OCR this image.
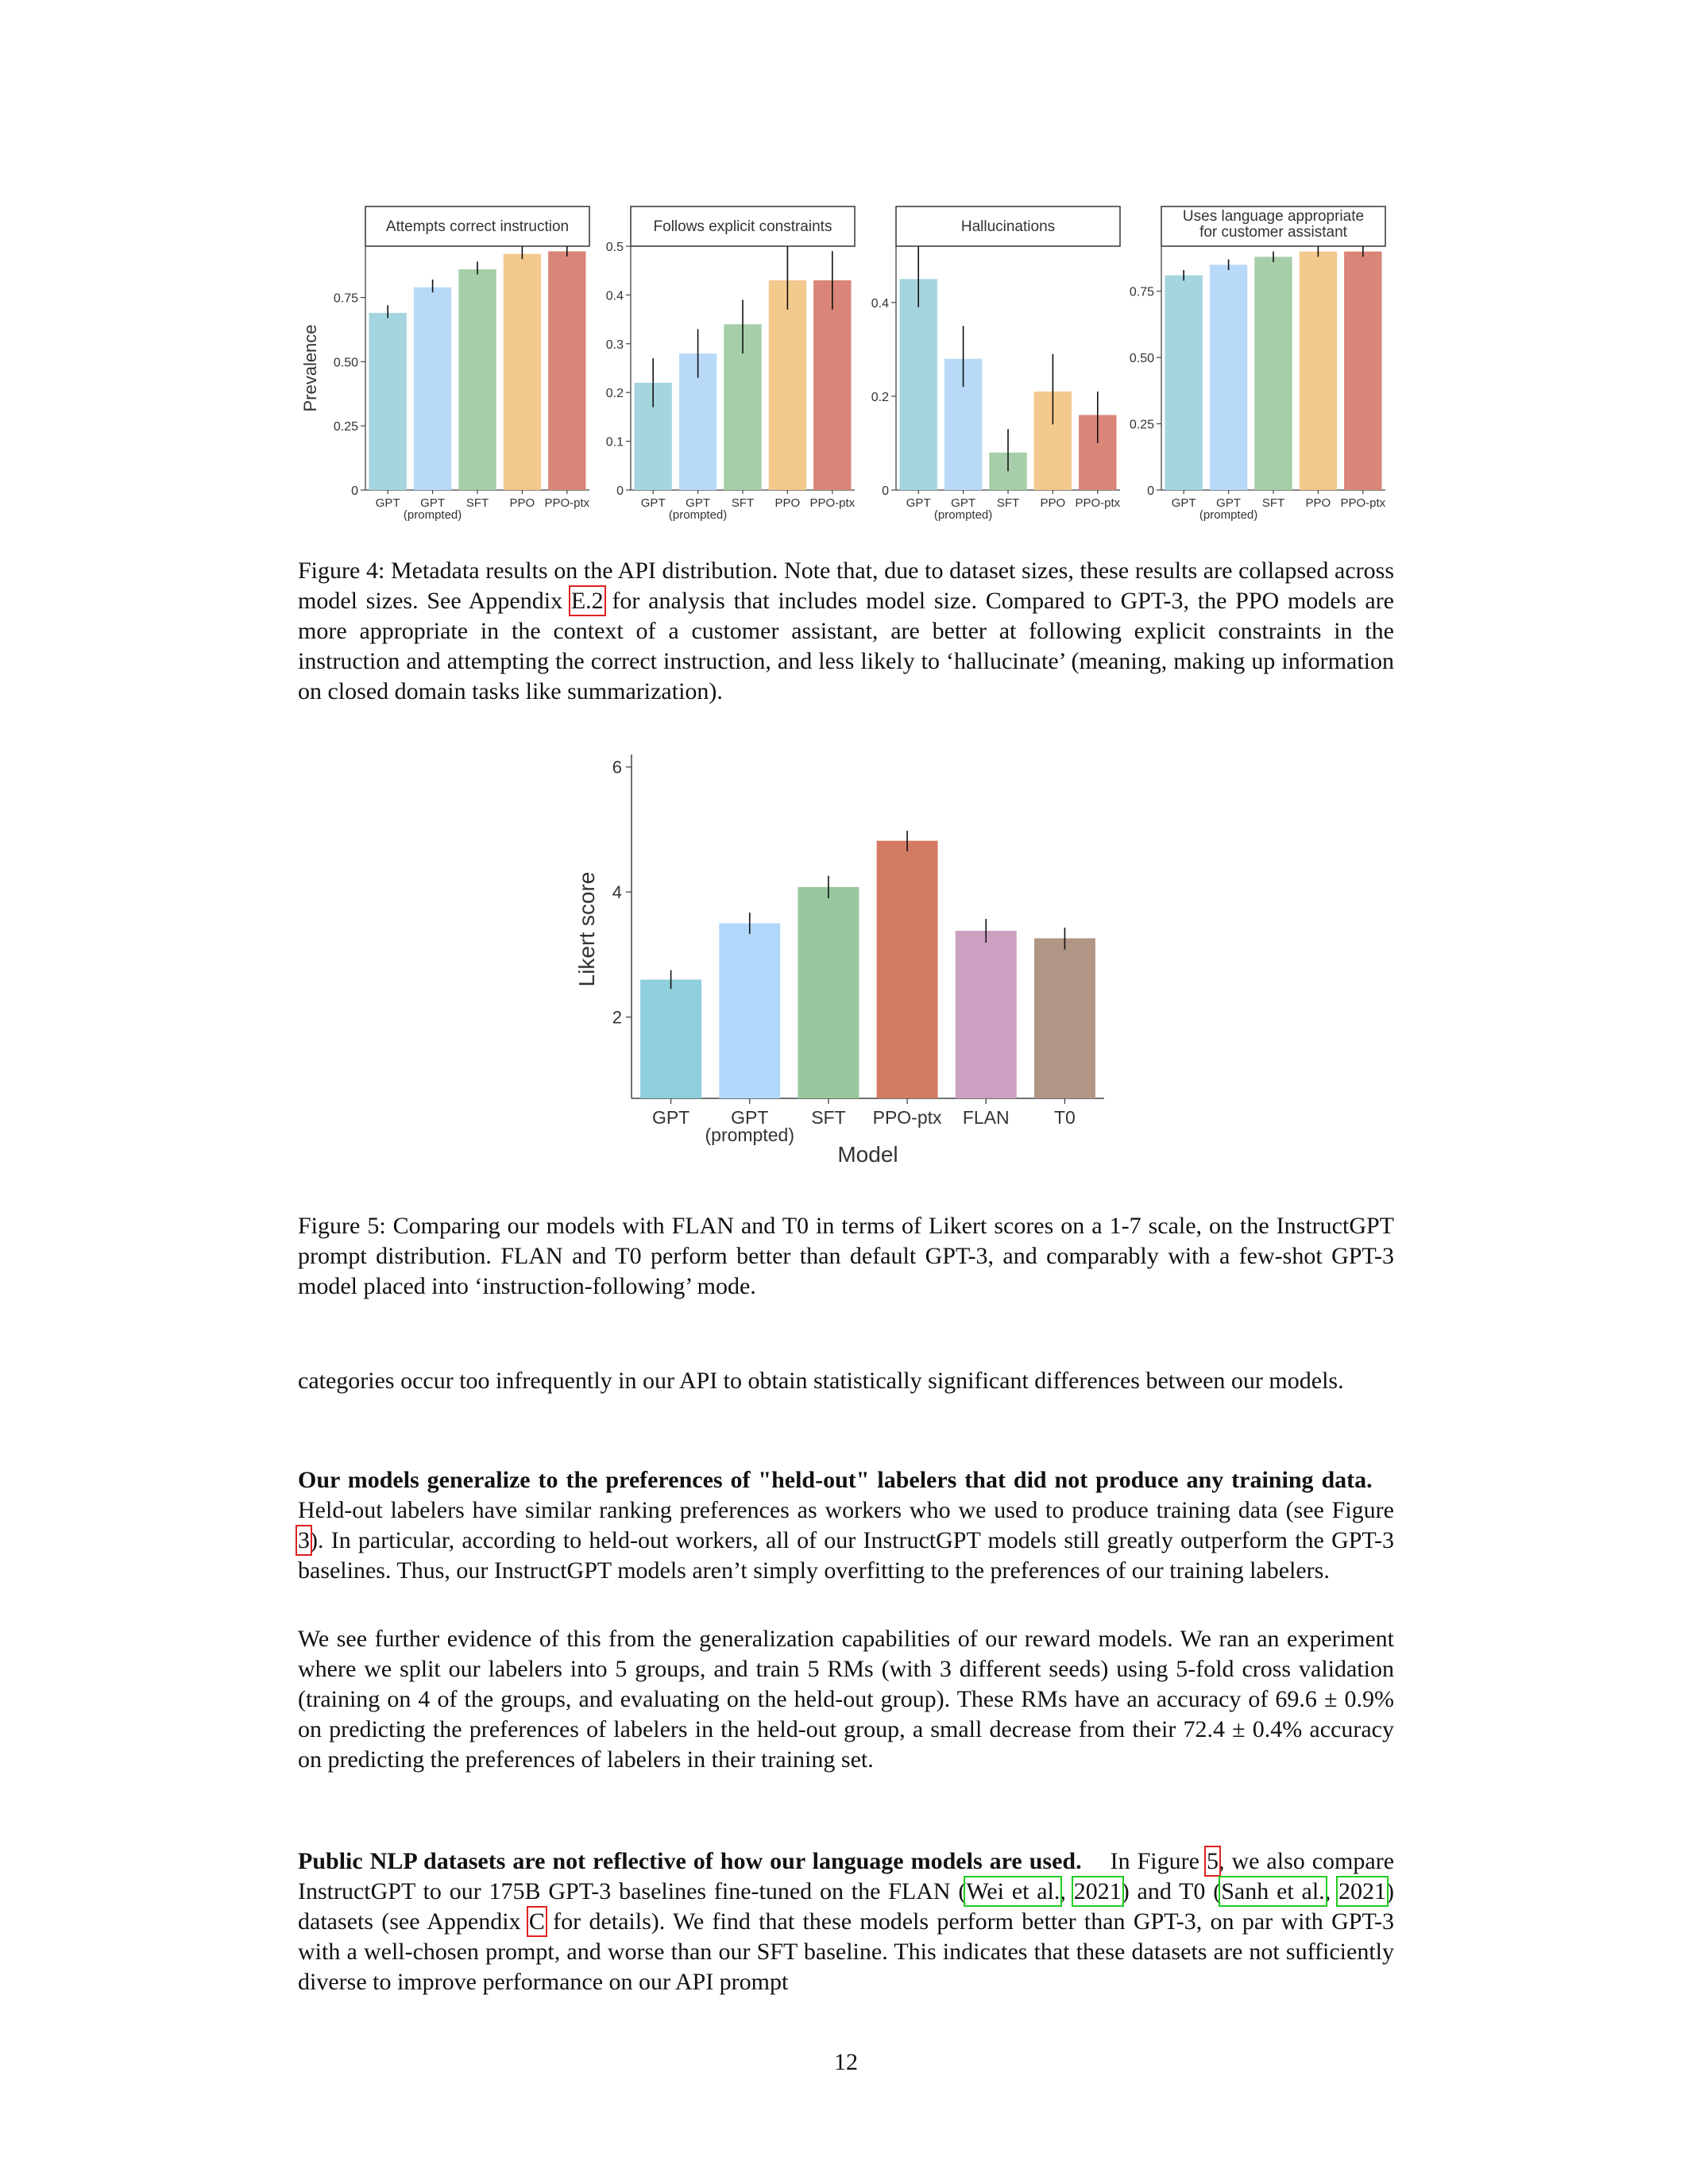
Attempts correct instruction
0
0.25
0.50
0.75
Prevalence
GPT GPT
(prompted)
SFT PPO PPO-ptx
Follows explicit constraints
0
0.1
0.2
0.3
0.4
0.5
GPT GPT
(prompted)
SFT PPO PPO-ptx
Hallucinations
0
0.2
0.4
GPT GPT
(prompted)
SFT PPO PPO-ptx
Uses language appropriate
for customer assistant
0
0.25
0.50
0.75
GPT GPT
(prompted)
SFT PPO PPO-ptx

Figure 4: Metadata results on the API distribution. Note that, due to dataset sizes, these results are collapsed across model sizes. See Appendix E.2 for analysis that includes model size. Compared to GPT-3, the PPO models are more appropriate in the context of a customer assistant, are better at following explicit constraints in the instruction and attempting the correct instruction, and less likely to ‘hallucinate’ (meaning, making up information on closed domain tasks like summarization).

2
4
6
Likert score
GPT GPT
(prompted)
SFT PPO-ptx FLAN T0
Model

Figure 5: Comparing our models with FLAN and T0 in terms of Likert scores on a 1-7 scale, on the InstructGPT prompt distribution. FLAN and T0 perform better than default GPT-3, and comparably with a few-shot GPT-3 model placed into ‘instruction-following’ mode.

categories occur too infrequently in our API to obtain statistically significant differences between our models.

Our models generalize to the preferences of "held-out" labelers that did not produce any training data.    Held-out labelers have similar ranking preferences as workers who we used to produce training data (see Figure 3). In particular, according to held-out workers, all of our InstructGPT models still greatly outperform the GPT-3 baselines. Thus, our InstructGPT models aren’t simply overfitting to the preferences of our training labelers.

We see further evidence of this from the generalization capabilities of our reward models. We ran an experiment where we split our labelers into 5 groups, and train 5 RMs (with 3 different seeds) using 5-fold cross validation (training on 4 of the groups, and evaluating on the held-out group). These RMs have an accuracy of 69.6 ± 0.9% on predicting the preferences of labelers in the held-out group, a small decrease from their 72.4 ± 0.4% accuracy on predicting the preferences of labelers in their training set.

Public NLP datasets are not reflective of how our language models are used. In Figure 5, we also compare InstructGPT to our 175B GPT-3 baselines fine-tuned on the FLAN (Wei et al., 2021) and T0 (Sanh et al., 2021) datasets (see Appendix C for details). We find that these models perform better than GPT-3, on par with GPT-3 with a well-chosen prompt, and worse than our SFT baseline. This indicates that these datasets are not sufficiently diverse to improve performance on our API prompt

12
